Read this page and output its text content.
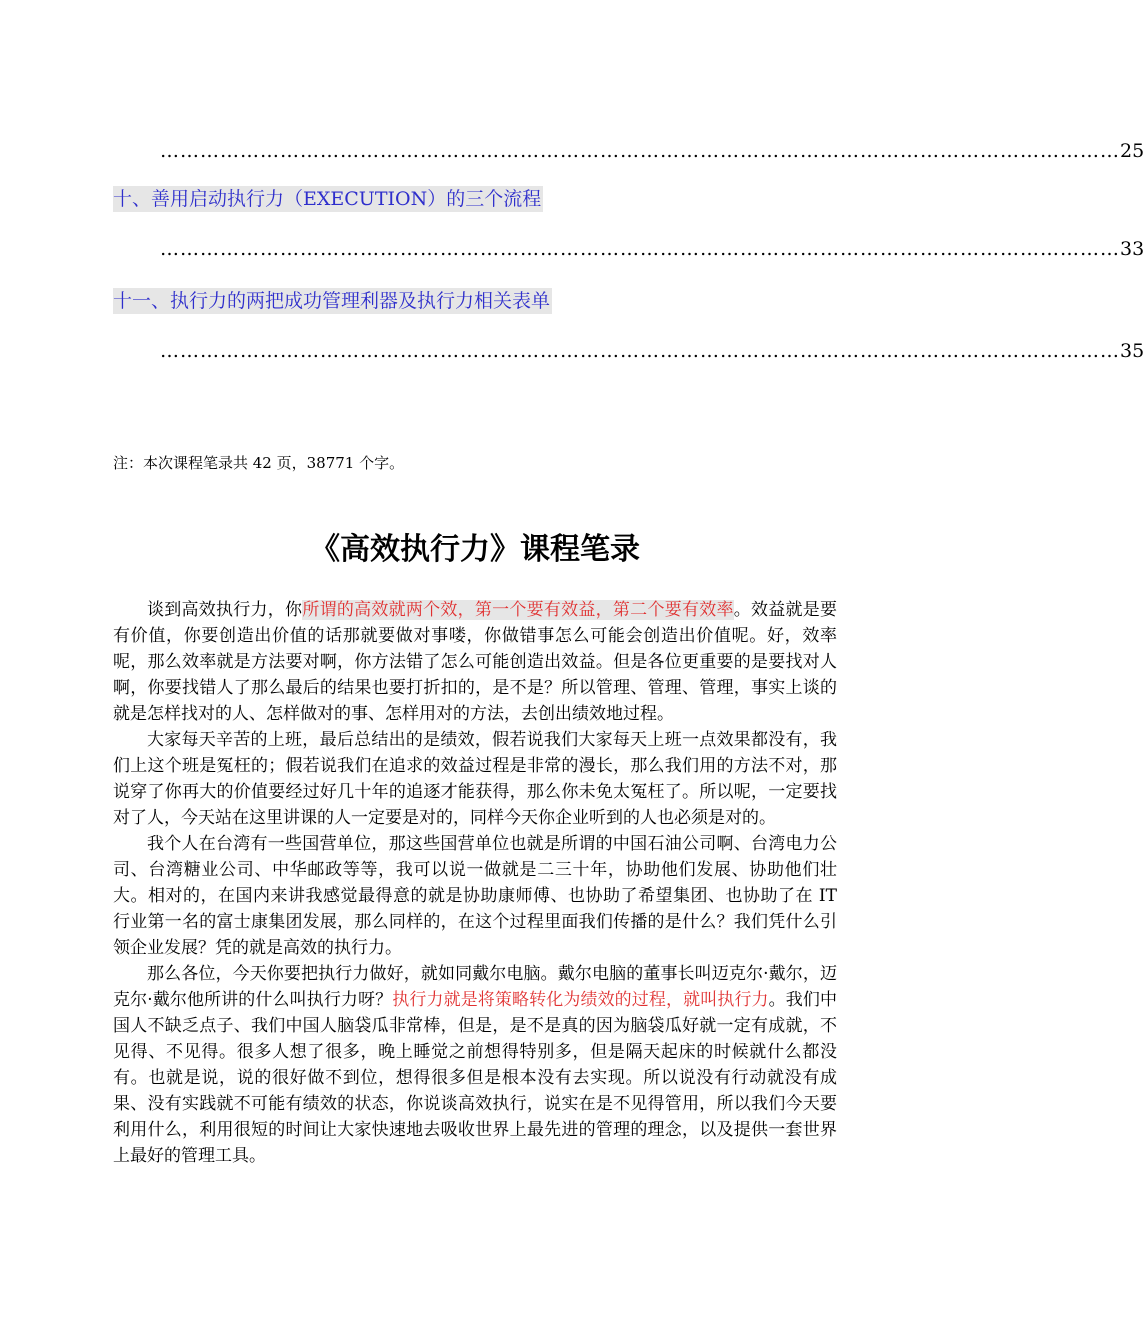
……………………………………………………………………………………………………………………………… 25
十、善用启动执行力（EXECUTION）的三个流程
……………………………………………………………………………………………………………………………… 33
十一、执行力的两把成功管理利器及执行力相关表单
……………………………………………………………………………………………………………………………… 35
注：本次课程笔录共 42 页，38771 个字。
《高效执行力》课程笔录

谈到高效执行力，你所谓的高效就两个效，第一个要有效益，第二个要有效率。效益就是要有价值，你要创造出价值的话那就要做对事喽，你做错事怎么可能会创造出价值呢。好，效率呢，那么效率就是方法要对啊，你方法错了怎么可能创造出效益。但是各位更重要的是要找对人啊，你要找错人了那么最后的结果也要打折扣的，是不是？所以管理、管理、管理，事实上谈的就是怎样找对的人、怎样做对的事、怎样用对的方法，去创出绩效地过程。

大家每天辛苦的上班，最后总结出的是绩效，假若说我们大家每天上班一点效果都没有，我们上这个班是冤枉的；假若说我们在追求的效益过程是非常的漫长，那么我们用的方法不对，那说穿了你再大的价值要经过好几十年的追逐才能获得，那么你未免太冤枉了。所以呢，一定要找对了人，今天站在这里讲课的人一定要是对的，同样今天你企业听到的人也必须是对的。

我个人在台湾有一些国营单位，那这些国营单位也就是所谓的中国石油公司啊、台湾电力公司、台湾糖业公司、中华邮政等等，我可以说一做就是二三十年，协助他们发展、协助他们壮大。相对的，在国内来讲我感觉最得意的就是协助康师傅、也协助了希望集团、也协助了在 IT 行业第一名的富士康集团发展，那么同样的，在这个过程里面我们传播的是什么？我们凭什么引领企业发展？凭的就是高效的执行力。

那么各位，今天你要把执行力做好，就如同戴尔电脑。戴尔电脑的董事长叫迈克尔·戴尔，迈克尔·戴尔他所讲的什么叫执行力呀？执行力就是将策略转化为绩效的过程，就叫执行力。我们中国人不缺乏点子、我们中国人脑袋瓜非常棒，但是，是不是真的因为脑袋瓜好就一定有成就，不见得、不见得。很多人想了很多，晚上睡觉之前想得特别多，但是隔天起床的时候就什么都没有。也就是说，说的很好做不到位，想得很多但是根本没有去实现。所以说没有行动就没有成果、没有实践就不可能有绩效的状态，你说谈高效执行，说实在是不见得管用，所以我们今天要利用什么，利用很短的时间让大家快速地去吸收世界上最先进的管理的理念，以及提供一套世界上最好的管理工具。
